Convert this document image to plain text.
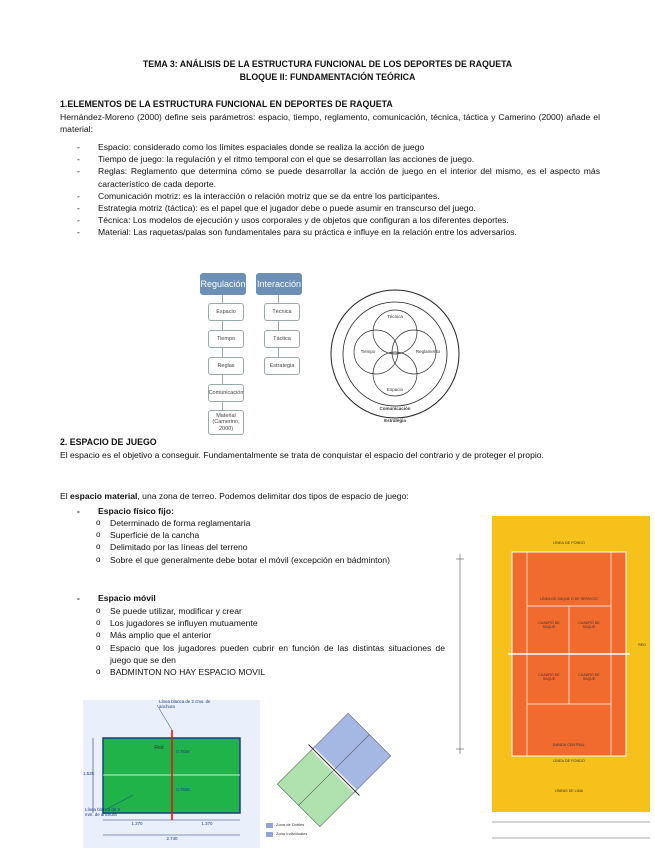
TEMA 3: ANÁLISIS DE LA ESTRUCTURA FUNCIONAL DE LOS DEPORTES DE RAQUETA
BLOQUE II: FUNDAMENTACIÓN TEÓRICA
1.ELEMENTOS DE LA ESTRUCTURA FUNCIONAL EN DEPORTES DE RAQUETA
Hernández-Moreno (2000) define seis parámetros: espacio, tiempo, reglamento, comunicación, técnica, táctica y Camerino (2000) añade el material:
- Espacio: considerado como los límites espaciales donde se realiza la acción de juego
- Tiempo de juego: la regulación y el ritmo temporal con el que se desarrollan las acciones de juego.
- Reglas: Reglamento que determina cómo se puede desarrollar la acción de juego en el interior del mismo, es el aspecto más característico de cada deporte.
- Comunicación motriz: es la interacción o relación motriz que se da entre los participantes.
- Estrategia motriz (táctica): es el papel que el jugador debe o puede asumir en transcurso del juego.
- Técnica: Los modelos de ejecución y usos corporales y de objetos que configuran a los diferentes deportes.
- Material: Las raquetas/palas son fundamentales para su práctica e influye en la relación entre los adversarios.
Regulación Interacción
Espacio
Tiempo
Reglas
Comunicación
Material (Camerino, 2000)
Técnica
Táctica
Estrategia
Técnica
Tiempo	Reglamento
Espacio
Comunicación
Estrategia
2. ESPACIO DE JUEGO
El espacio es el objetivo a conseguir. Fundamentalmente se trata de conquistar el espacio del contrario y de proteger el propio.
El espacio material, una zona de terreo. Podemos delimitar dos tipos de espacio de juego:
- Espacio físico fijo:
o Determinado de forma reglamentaria
o Superficie de la cancha
o Delimitado por las líneas del terreno
o Sobre el que generalmente debe botar el móvil (excepción en bádminton)
- Espacio móvil
o Se puede utilizar, modificar y crear
o Los jugadores se influyen mutuamente
o Más amplio que el anterior
o Espacio que los jugadores pueden cubrir en función de las distintas situaciones de juego que se den
o BADMINTON NO HAY ESPACIO MOVIL
Línea blanca de 2 cms. de anchura
Red
Línea blanca de 3 mm. de anchura
1.525
0.7625
0.7625
1.370	1.370
2.740
Zona de Dobles
Zona Individuales
LÍNEA DE FONDO
LÍNEA DE SAQUE O DE SERVICIO
CUADRO DE SAQUE
CUADRO DE SAQUE
CUADRO DE SAQUE
CUADRO DE SAQUE
RED
BANDA CENTRAL
LÍNEA DE FONDO
LÍNEAS DE LIMA
